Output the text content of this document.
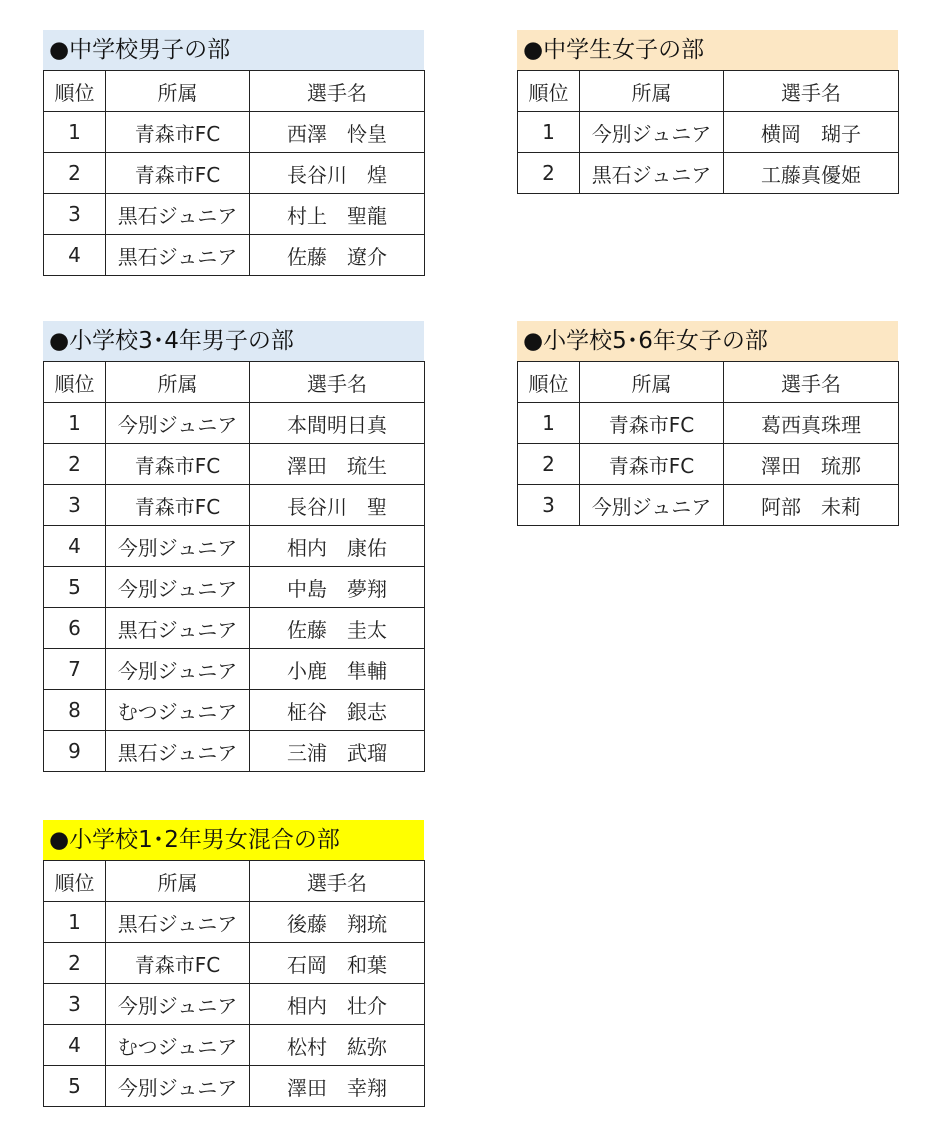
●中学校男子の部
順位	所属	選手名
1	青森市FC	西澤　怜皇
2	青森市FC	長谷川　煌
3	黒石ジュニア	村上　聖龍
4	黒石ジュニア	佐藤　遼介
●中学生女子の部
順位	所属	選手名
1	今別ジュニア	横岡　瑚子
2	黒石ジュニア	工藤真優姫
●小学校3･4年男子の部
順位	所属	選手名
1	今別ジュニア	本間明日真
2	青森市FC	澤田　琉生
3	青森市FC	長谷川　聖
4	今別ジュニア	相内　康佑
5	今別ジュニア	中島　夢翔
6	黒石ジュニア	佐藤　圭太
7	今別ジュニア	小鹿　隼輔
8	むつジュニア	柾谷　銀志
9	黒石ジュニア	三浦　武瑠
●小学校5･6年女子の部
順位	所属	選手名
1	青森市FC	葛西真珠理
2	青森市FC	澤田　琉那
3	今別ジュニア	阿部　未莉
●小学校1･2年男女混合の部
順位	所属	選手名
1	黒石ジュニア	後藤　翔琉
2	青森市FC	石岡　和葉
3	今別ジュニア	相内　壮介
4	むつジュニア	松村　紘弥
5	今別ジュニア	澤田　幸翔
